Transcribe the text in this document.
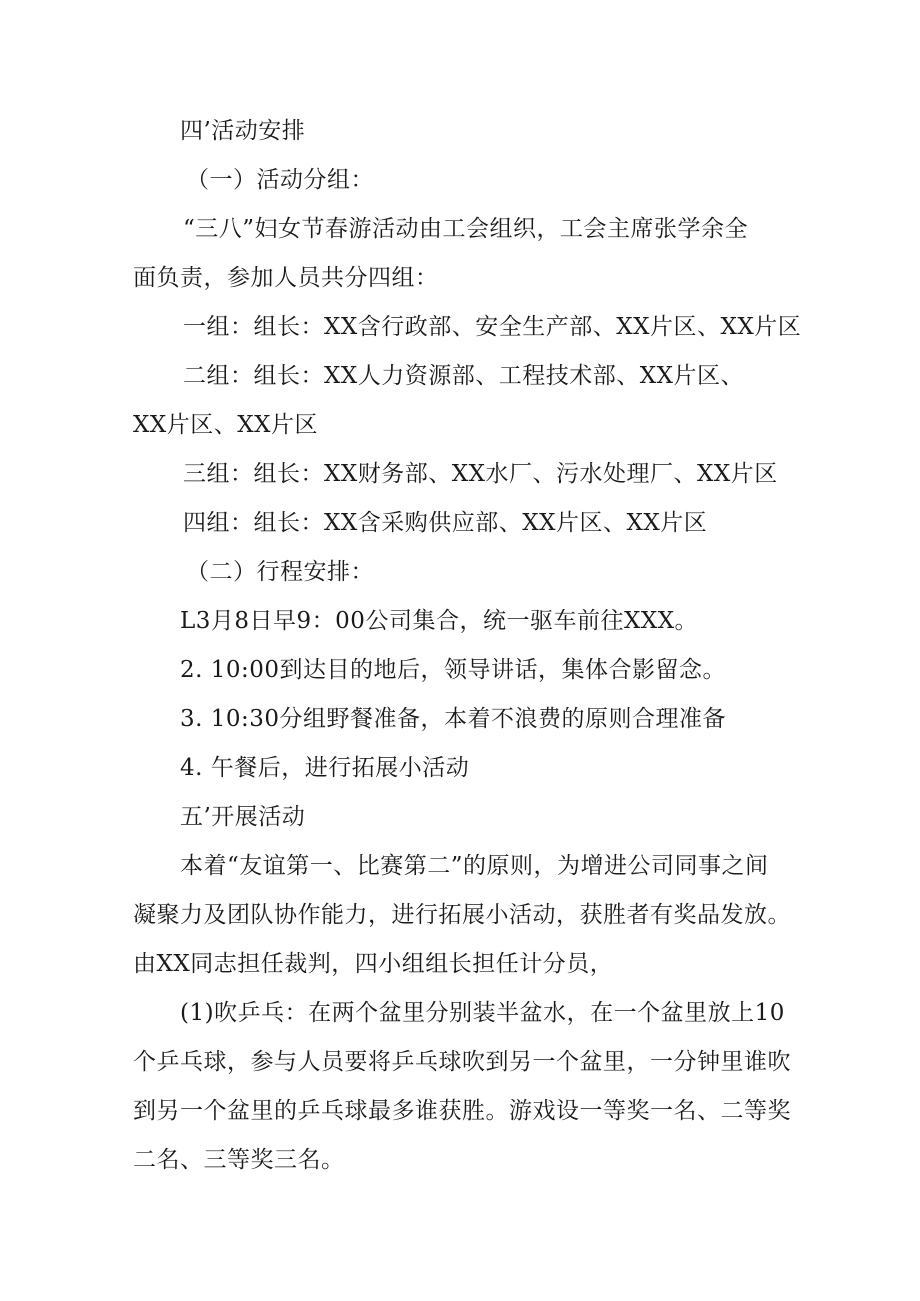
四’活动安排
（一）活动分组：
“三八”妇女节春游活动由工会组织，工会主席张学余全
面负责，参加人员共分四组：
一组：组长：XX含行政部、安全生产部、XX片区、XX片区
二组：组长：XX人力资源部、工程技术部、XX片区、
XX片区、XX片区
三组：组长：XX财务部、XX水厂、污水处理厂、XX片区
四组：组长：XX含采购供应部、XX片区、XX片区
（二）行程安排：
L3月8日早9：00公司集合，统一驱车前往XXX。
2. 10:00到达目的地后，领导讲话，集体合影留念。
3. 10:30分组野餐准备，本着不浪费的原则合理准备
4. 午餐后，进行拓展小活动
五’开展活动
本着“友谊第一、比赛第二”的原则，为增进公司同事之间
凝聚力及团队协作能力，进行拓展小活动，获胜者有奖品发放。
由XX同志担任裁判，四小组组长担任计分员，
(1)吹乒乓：在两个盆里分别装半盆水，在一个盆里放上10
个乒乓球，参与人员要将乒乓球吹到另一个盆里，一分钟里谁吹
到另一个盆里的乒乓球最多谁获胜。游戏设一等奖一名、二等奖
二名、三等奖三名。
